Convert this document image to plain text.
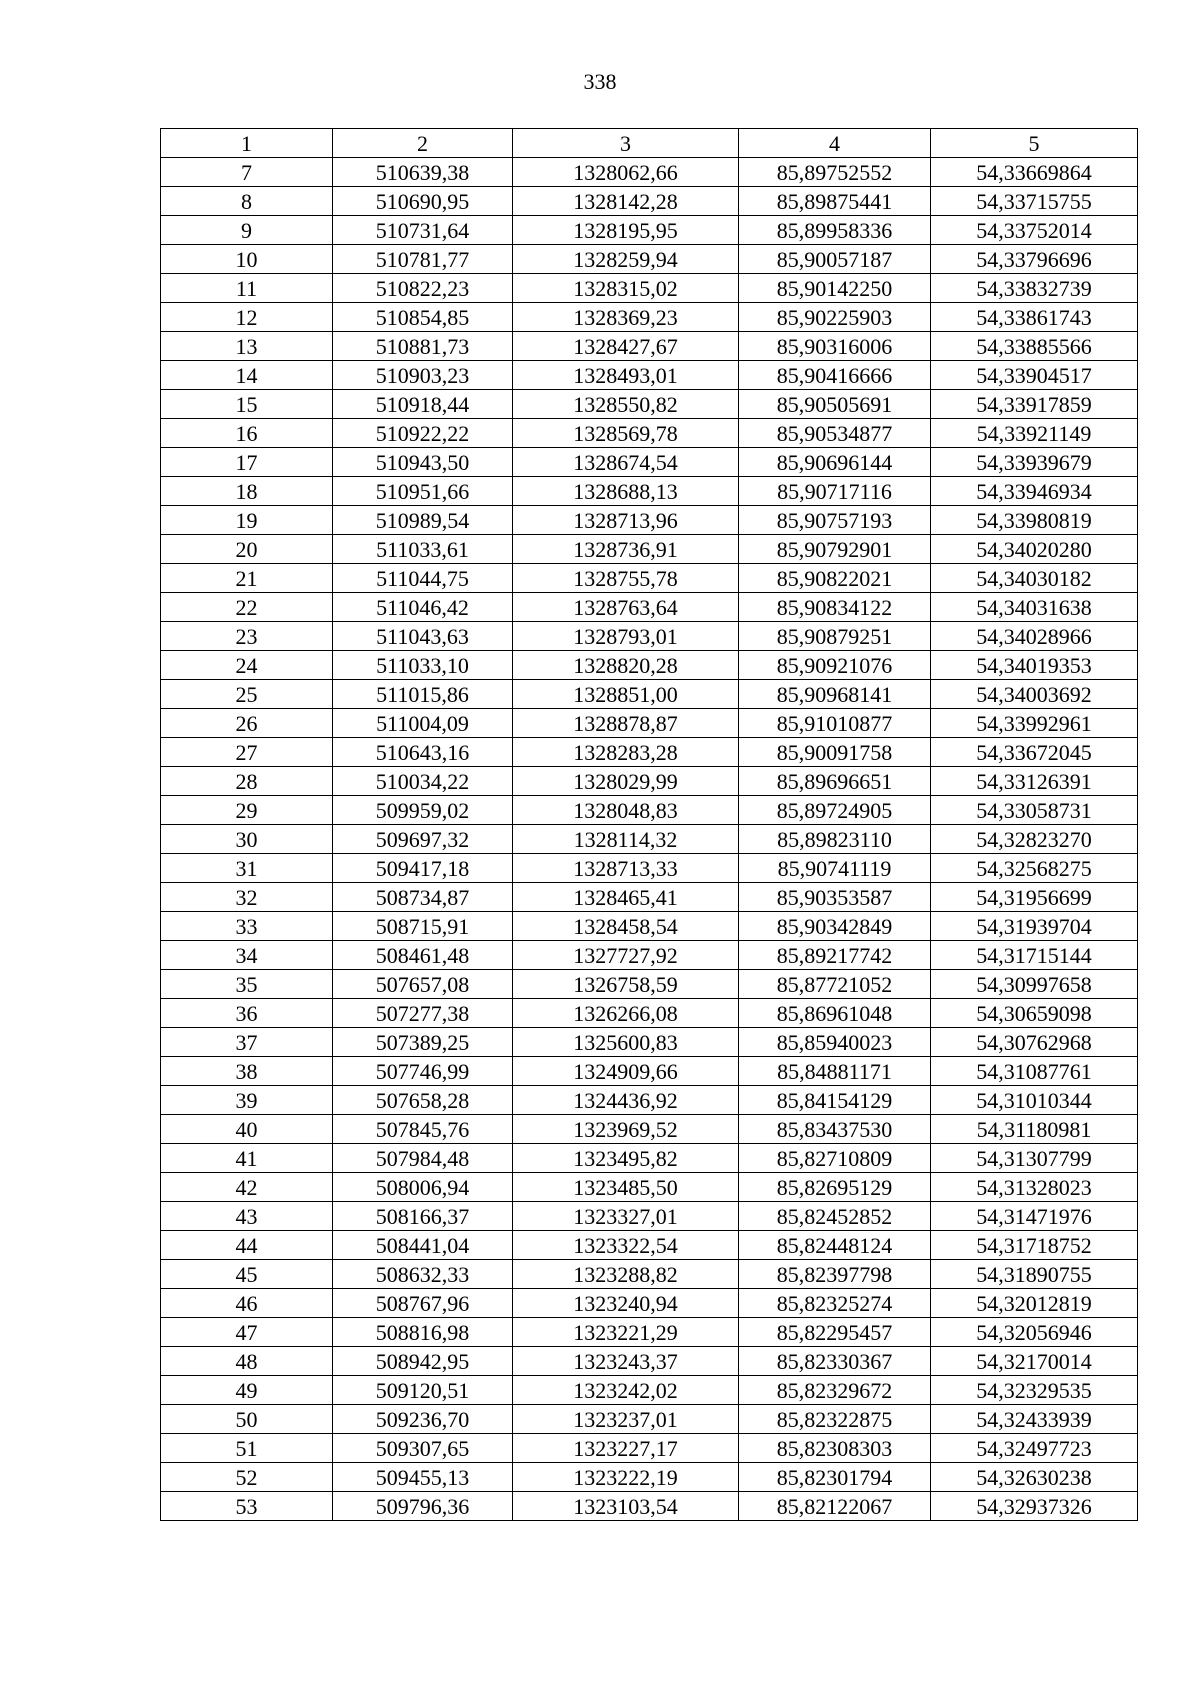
338
1	2	3	4	5
7	510639,38	1328062,66	85,89752552	54,33669864
8	510690,95	1328142,28	85,89875441	54,33715755
9	510731,64	1328195,95	85,89958336	54,33752014
10	510781,77	1328259,94	85,90057187	54,33796696
11	510822,23	1328315,02	85,90142250	54,33832739
12	510854,85	1328369,23	85,90225903	54,33861743
13	510881,73	1328427,67	85,90316006	54,33885566
14	510903,23	1328493,01	85,90416666	54,33904517
15	510918,44	1328550,82	85,90505691	54,33917859
16	510922,22	1328569,78	85,90534877	54,33921149
17	510943,50	1328674,54	85,90696144	54,33939679
18	510951,66	1328688,13	85,90717116	54,33946934
19	510989,54	1328713,96	85,90757193	54,33980819
20	511033,61	1328736,91	85,90792901	54,34020280
21	511044,75	1328755,78	85,90822021	54,34030182
22	511046,42	1328763,64	85,90834122	54,34031638
23	511043,63	1328793,01	85,90879251	54,34028966
24	511033,10	1328820,28	85,90921076	54,34019353
25	511015,86	1328851,00	85,90968141	54,34003692
26	511004,09	1328878,87	85,91010877	54,33992961
27	510643,16	1328283,28	85,90091758	54,33672045
28	510034,22	1328029,99	85,89696651	54,33126391
29	509959,02	1328048,83	85,89724905	54,33058731
30	509697,32	1328114,32	85,89823110	54,32823270
31	509417,18	1328713,33	85,90741119	54,32568275
32	508734,87	1328465,41	85,90353587	54,31956699
33	508715,91	1328458,54	85,90342849	54,31939704
34	508461,48	1327727,92	85,89217742	54,31715144
35	507657,08	1326758,59	85,87721052	54,30997658
36	507277,38	1326266,08	85,86961048	54,30659098
37	507389,25	1325600,83	85,85940023	54,30762968
38	507746,99	1324909,66	85,84881171	54,31087761
39	507658,28	1324436,92	85,84154129	54,31010344
40	507845,76	1323969,52	85,83437530	54,31180981
41	507984,48	1323495,82	85,82710809	54,31307799
42	508006,94	1323485,50	85,82695129	54,31328023
43	508166,37	1323327,01	85,82452852	54,31471976
44	508441,04	1323322,54	85,82448124	54,31718752
45	508632,33	1323288,82	85,82397798	54,31890755
46	508767,96	1323240,94	85,82325274	54,32012819
47	508816,98	1323221,29	85,82295457	54,32056946
48	508942,95	1323243,37	85,82330367	54,32170014
49	509120,51	1323242,02	85,82329672	54,32329535
50	509236,70	1323237,01	85,82322875	54,32433939
51	509307,65	1323227,17	85,82308303	54,32497723
52	509455,13	1323222,19	85,82301794	54,32630238
53	509796,36	1323103,54	85,82122067	54,32937326
